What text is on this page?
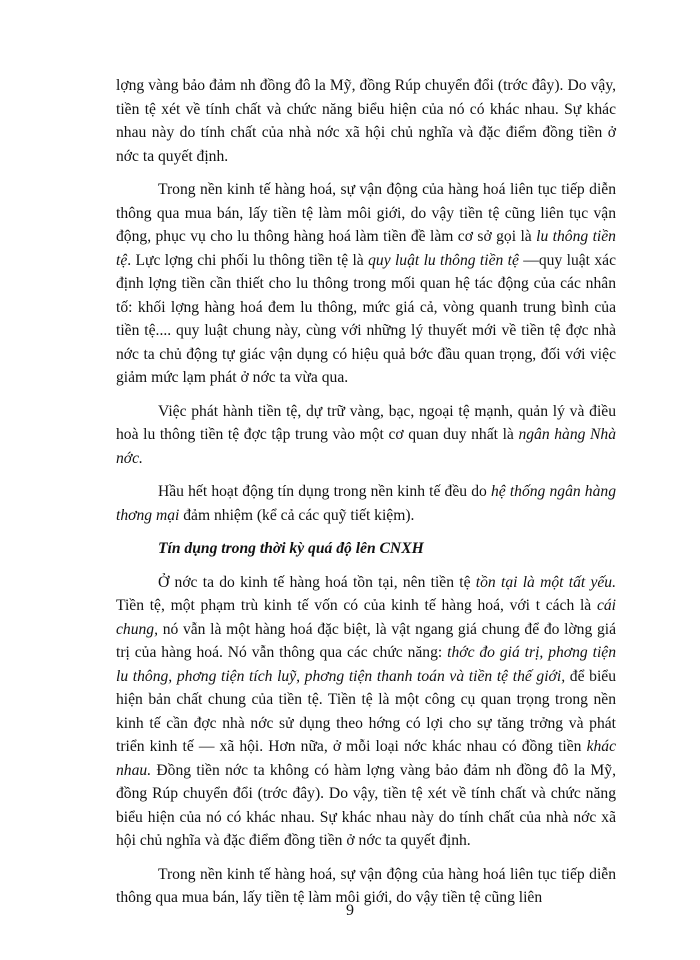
lợng vàng bảo đảm nh đồng đô la Mỹ, đồng Rúp chuyển đổi (trớc đây). Do vậy, tiền tệ xét về tính chất và chức năng biểu hiện của nó có khác nhau. Sự khác nhau này do tính chất của nhà nớc xã hội chủ nghĩa và đặc điểm đồng tiền ở nớc ta quyết định.

Trong nền kinh tế hàng hoá, sự vận động của hàng hoá liên tục tiếp diễn thông qua mua bán, lấy tiền tệ làm môi giới, do vậy tiền tệ cũng liên tục vận động, phục vụ cho lu thông hàng hoá làm tiền đề làm cơ sở gọi là lu thông tiền tệ. Lực lợng chi phối lu thông tiền tệ là quy luật lu thông tiền tệ —quy luật xác định lợng tiền cần thiết cho lu thông trong mối quan hệ tác động của các nhân tố: khối lợng hàng hoá đem lu thông, mức giá cả, vòng quanh trung bình của tiền tệ.... quy luật chung này, cùng với những lý thuyết mới về tiền tệ đợc nhà nớc ta chủ động tự giác vận dụng có hiệu quả bớc đầu quan trọng, đối với việc giảm mức lạm phát ở nớc ta vừa qua.

Việc phát hành tiền tệ, dự trữ vàng, bạc, ngoại tệ mạnh, quản lý và điều hoà lu thông tiền tệ đợc tập trung vào một cơ quan duy nhất là ngân hàng Nhà nớc.

Hầu hết hoạt động tín dụng trong nền kinh tế đều do hệ thống ngân hàng thơng mại đảm nhiệm (kể cả các quỹ tiết kiệm).

Tín dụng trong thời kỳ quá độ lên CNXH

Ở nớc ta do kinh tế hàng hoá tồn tại, nên tiền tệ tồn tại là một tất yếu. Tiền tệ, một phạm trù kinh tế vốn có của kinh tế hàng hoá, với t cách là cái chung, nó vẫn là một hàng hoá đặc biệt, là vật ngang giá chung để đo lờng giá trị của hàng hoá. Nó vẫn thông qua các chức năng: thớc đo giá trị, phơng tiện lu thông, phơng tiện tích luỹ, phơng tiện thanh toán và tiền tệ thế giới, để biểu hiện bản chất chung của tiền tệ. Tiền tệ là một công cụ quan trọng trong nền kinh tế cần đợc nhà nớc sử dụng theo hớng có lợi cho sự tăng trởng và phát triển kinh tế — xã hội. Hơn nữa, ở mỗi loại nớc khác nhau có đồng tiền khác nhau. Đồng tiền nớc ta không có hàm lợng vàng bảo đảm nh đồng đô la Mỹ, đồng Rúp chuyển đổi (trớc đây). Do vậy, tiền tệ xét về tính chất và chức năng biểu hiện của nó có khác nhau. Sự khác nhau này do tính chất của nhà nớc xã hội chủ nghĩa và đặc điểm đồng tiền ở nớc ta quyết định.

Trong nền kinh tế hàng hoá, sự vận động của hàng hoá liên tục tiếp diễn thông qua mua bán, lấy tiền tệ làm môi giới, do vậy tiền tệ cũng liên

9
